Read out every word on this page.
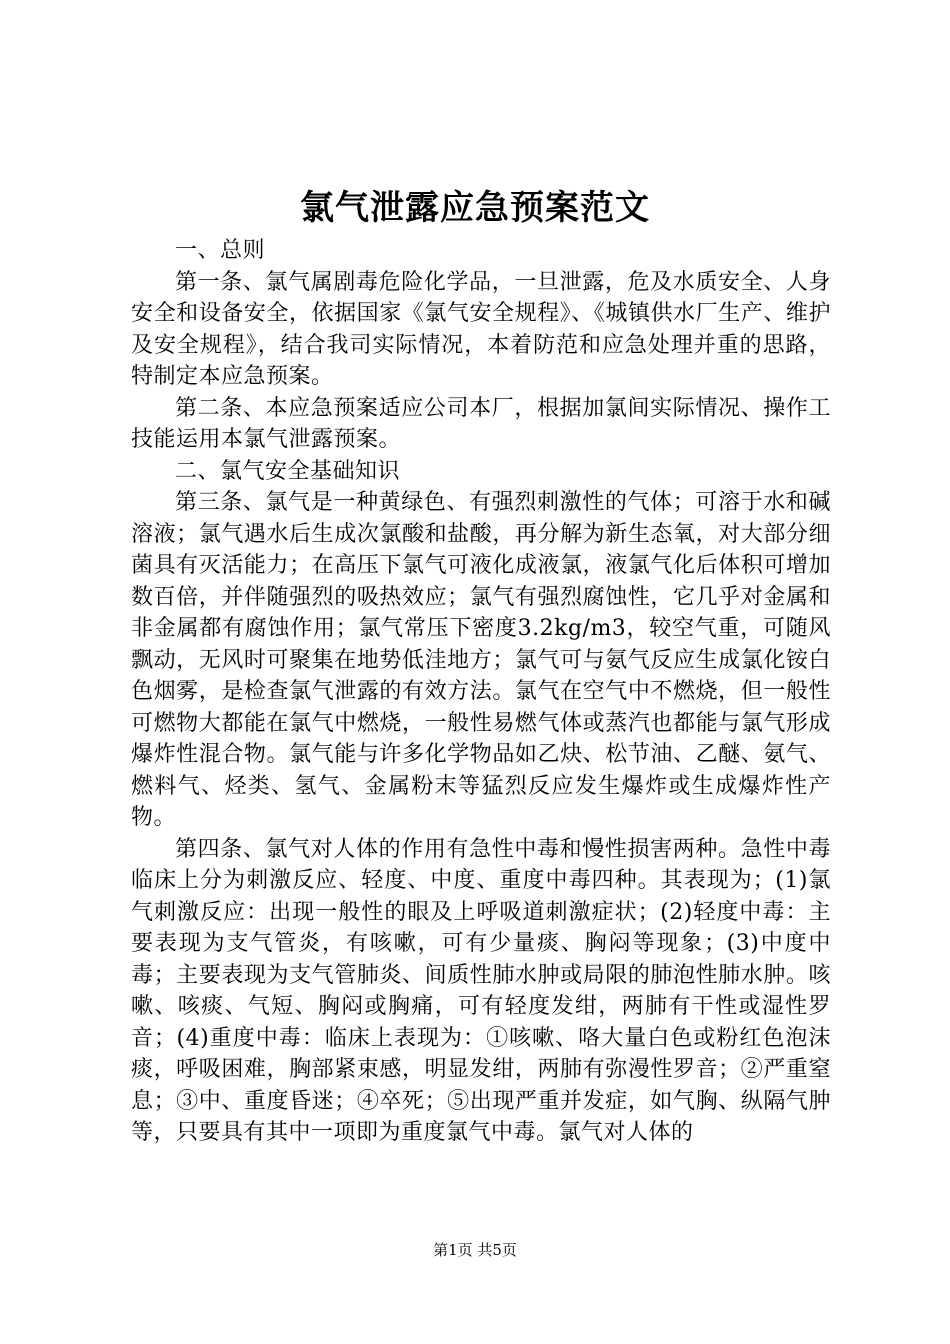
氯气泄露应急预案范文

一、总则

第一条、氯气属剧毒危险化学品，一旦泄露，危及水质安全、人身安全和设备安全，依据国家《氯气安全规程》、《城镇供水厂生产、维护及安全规程》，结合我司实际情况，本着防范和应急处理并重的思路，特制定本应急预案。

第二条、本应急预案适应公司本厂，根据加氯间实际情况、操作工技能运用本氯气泄露预案。

二、氯气安全基础知识

第三条、氯气是一种黄绿色、有强烈刺激性的气体；可溶于水和碱溶液；氯气遇水后生成次氯酸和盐酸，再分解为新生态氧，对大部分细菌具有灭活能力；在高压下氯气可液化成液氯，液氯气化后体积可增加数百倍，并伴随强烈的吸热效应；氯气有强烈腐蚀性，它几乎对金属和非金属都有腐蚀作用；氯气常压下密度3.2kg/m3，较空气重，可随风飘动，无风时可聚集在地势低洼地方；氯气可与氨气反应生成氯化铵白色烟雾，是检查氯气泄露的有效方法。氯气在空气中不燃烧，但一般性可燃物大都能在氯气中燃烧，一般性易燃气体或蒸汽也都能与氯气形成爆炸性混合物。氯气能与许多化学物品如乙炔、松节油、乙醚、氨气、燃料气、烃类、氢气、金属粉末等猛烈反应发生爆炸或生成爆炸性产物。

第四条、氯气对人体的作用有急性中毒和慢性损害两种。急性中毒临床上分为刺激反应、轻度、中度、重度中毒四种。其表现为；(1)氯气刺激反应：出现一般性的眼及上呼吸道刺激症状；(2)轻度中毒：主要表现为支气管炎，有咳嗽，可有少量痰、胸闷等现象；(3)中度中毒；主要表现为支气管肺炎、间质性肺水肿或局限的肺泡性肺水肿。咳嗽、咳痰、气短、胸闷或胸痛，可有轻度发绀，两肺有干性或湿性罗音；(4)重度中毒：临床上表现为：①咳嗽、咯大量白色或粉红色泡沫痰，呼吸困难，胸部紧束感，明显发绀，两肺有弥漫性罗音；②严重窒息；③中、重度昏迷；④卒死；⑤出现严重并发症，如气胸、纵隔气肿等，只要具有其中一项即为重度氯气中毒。氯气对人体的

第1页 共5页
